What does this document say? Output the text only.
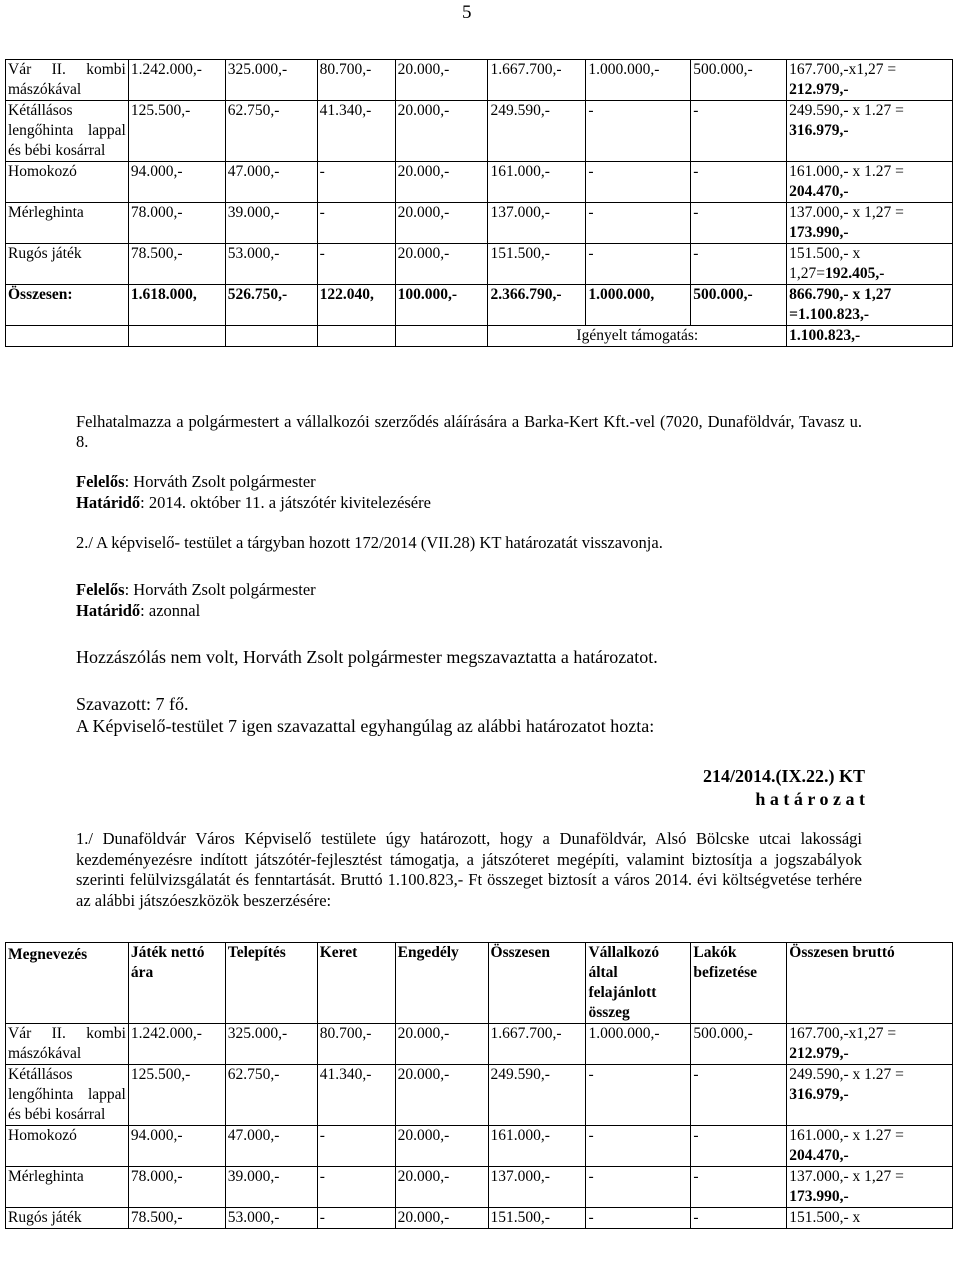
5
Vár II. kombi mászókával	1.242.000,-	325.000,-	80.700,-	20.000,-	1.667.700,-	1.000.000,-	500.000,-	167.700,-x1,27 = 212.979,-
Kétállásos lengőhinta lappal és bébi kosárral	125.500,-	62.750,-	41.340,-	20.000,-	249.590,-	-	-	249.590,- x 1.27 = 316.979,-
Homokozó	94.000,-	47.000,-	-	20.000,-	161.000,-	-	-	161.000,- x 1.27 = 204.470,-
Mérleghinta	78.000,-	39.000,-	-	20.000,-	137.000,-	-	-	137.000,- x 1,27 = 173.990,-
Rugós játék	78.500,-	53.000,-	-	20.000,-	151.500,-	-	-	151.500,- x 1,27=192.405,-
Összesen:	1.618.000,	526.750,-	122.040,	100.000,-	2.366.790,-	1.000.000,	500.000,-	866.790,- x 1,27 =1.100.823,-
					Igényelt támogatás:			1.100.823,-
Felhatalmazza a polgármestert a vállalkozói szerződés aláírására a Barka-Kert Kft.-vel (7020, Dunaföldvár, Tavasz u. 8.
Felelős: Horváth Zsolt polgármester
Határidő: 2014. október 11. a játszótér kivitelezésére
2./ A képviselő- testület a tárgyban hozott 172/2014 (VII.28) KT határozatát visszavonja.
Felelős: Horváth Zsolt polgármester
Határidő: azonnal
Hozzászólás nem volt, Horváth Zsolt polgármester megszavaztatta a határozatot.
Szavazott: 7 fő.
A Képviselő-testület 7 igen szavazattal egyhangúlag az alábbi határozatot hozta:
214/2014.(IX.22.) KT
h a t á r o z a t
1./ Dunaföldvár Város Képviselő testülete úgy határozott, hogy a Dunaföldvár, Alsó Bölcske utcai lakossági kezdeményezésre indított játszótér-fejlesztést támogatja, a játszóteret megépíti, valamint biztosítja a jogszabályok szerinti felülvizsgálatát és fenntartását. Bruttó 1.100.823,- Ft összeget biztosít a város 2014. évi költségvetése terhére az alábbi játszóeszközök beszerzésére:
Megnevezés	Játék nettó ára	Telepítés	Keret	Engedély	Összesen	Vállalkozó által felajánlott összeg	Lakók befizetése	Összesen bruttó
Vár II. kombi mászókával	1.242.000,-	325.000,-	80.700,-	20.000,-	1.667.700,-	1.000.000,-	500.000,-	167.700,-x1,27 = 212.979,-
Kétállásos lengőhinta lappal és bébi kosárral	125.500,-	62.750,-	41.340,-	20.000,-	249.590,-	-	-	249.590,- x 1.27 = 316.979,-
Homokozó	94.000,-	47.000,-	-	20.000,-	161.000,-	-	-	161.000,- x 1.27 = 204.470,-
Mérleghinta	78.000,-	39.000,-	-	20.000,-	137.000,-	-	-	137.000,- x 1,27 = 173.990,-
Rugós játék	78.500,-	53.000,-	-	20.000,-	151.500,-	-	-	151.500,- x
